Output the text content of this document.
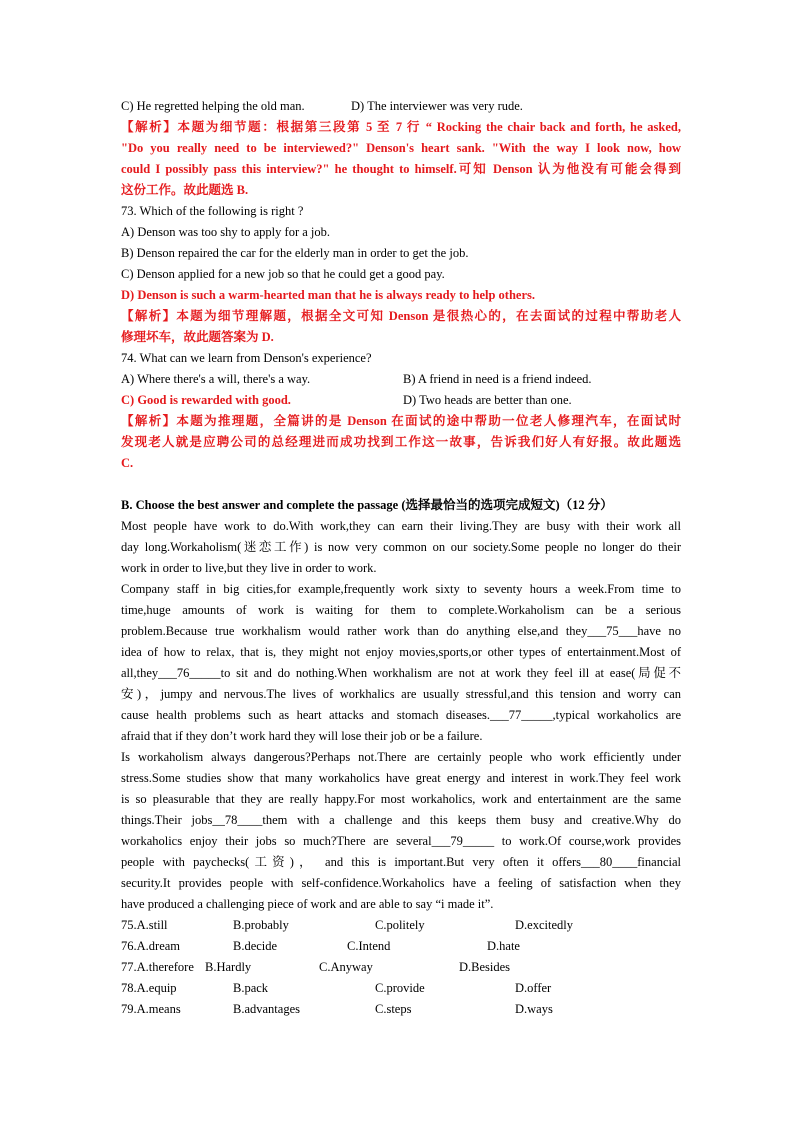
C) He regretted helping the old man.	D) The interviewer was very rude.
【解析】本题为细节题：根据第三段第 5 至 7 行 “ Rocking the chair back and forth, he asked,
"Do you really need to be interviewed?" Denson's heart sank. "With the way I look now, how
could I possibly pass this interview?" he thought to himself.可知 Denson 认为他没有可能会得到
这份工作。故此题选 B.
73. Which of the following is right ?
A) Denson was too shy to apply for a job.
B) Denson repaired the car for the elderly man in order to get the job.
C) Denson applied for a new job so that he could get a good pay.
D) Denson is such a warm-hearted man that he is always ready to help others.
【解析】本题为细节理解题，根据全文可知 Denson 是很热心的，在去面试的过程中帮助老人
修理坏车，故此题答案为 D.
74. What can we learn from Denson's experience?
A) Where there's a will, there's a way.	B) A friend in need is a friend indeed.
C) Good is rewarded with good.	D) Two heads are better than one.
【解析】本题为推理题，全篇讲的是 Denson 在面试的途中帮助一位老人修理汽车，在面试时
发现老人就是应聘公司的总经理进而成功找到工作这一故事，告诉我们好人有好报。故此题选
C.
B. Choose the best answer and complete the passage (选择最恰当的选项完成短文)（12 分）
Most people have work to do.With work,they can earn their living.They are busy with their work all
day long.Workaholism(迷恋工作) is now very common on our society.Some people no longer do their
work in order to live,but they live in order to work.
Company staff in big cities,for example,frequently work sixty to seventy hours a week.From time to
time,huge amounts of work is waiting for them to complete.Workaholism can be a serious
problem.Because true workhalism would rather work than do anything else,and they___75___have no
idea of how to relax, that is, they might not enjoy movies,sports,or other types of entertainment.Most of
all,they___76_____to sit and do nothing.When workhalism are not at work they feel ill at ease(局促不
安)，jumpy and nervous.The lives of workhalics are usually stressful,and this tension and worry can
cause health problems such as heart attacks and stomach diseases.___77_____,typical workaholics are
afraid that if they don’t work hard they will lose their job or be a failure.
Is workaholism always dangerous?Perhaps not.There are certainly people who work efficiently under
stress.Some studies show that many workaholics have great energy and interest in work.They feel work
is so pleasurable that they are really happy.For most workaholics, work and entertainment are the same
things.Their jobs__78____them with a challenge and this keeps them busy and creative.Why do
workaholics enjoy their jobs so much?There are several___79_____ to work.Of course,work provides
people with paychecks(工资)， and this is important.But very often it offers___80____financial
security.It provides people with self-confidence.Workaholics have a feeling of satisfaction when they
have produced a challenging piece of work and are able to say “i made it”.
75.A.still	B.probably	C.politely	D.excitedly
76.A.dream	B.decide	C.Intend	D.hate
77.A.therefore B.Hardly	C.Anyway	D.Besides
78.A.equip	B.pack	C.provide	D.offer
79.A.means	B.advantages	C.steps	D.ways
